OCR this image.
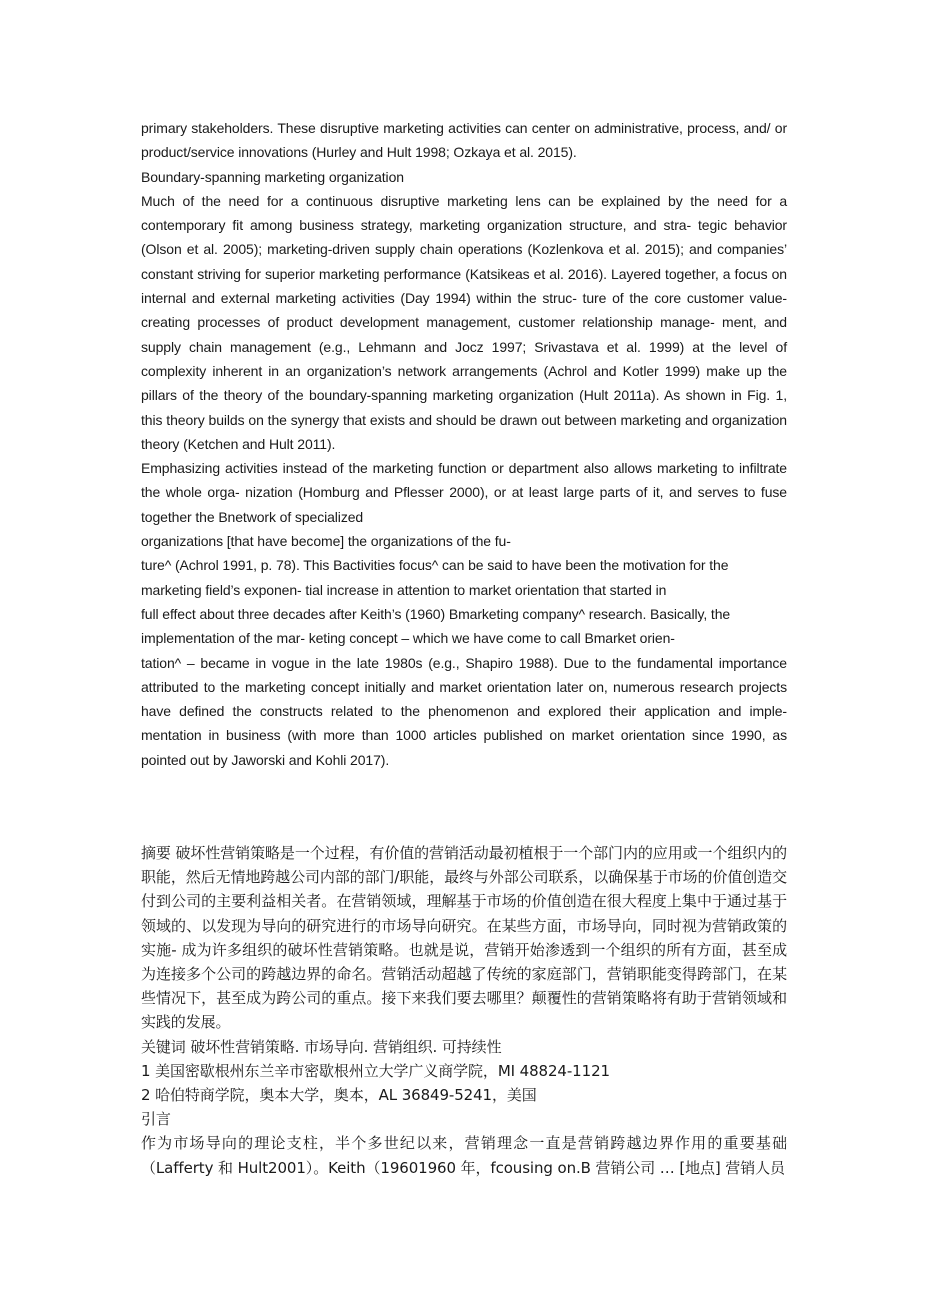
primary stakeholders. These disruptive marketing activities can center on administrative, process, and/ or product/service innovations (Hurley and Hult 1998; Ozkaya et al. 2015).

Boundary-spanning marketing organization

Much of the need for a continuous disruptive marketing lens can be explained by the need for a contemporary fit among business strategy, marketing organization structure, and stra- tegic behavior (Olson et al. 2005); marketing-driven supply chain operations (Kozlenkova et al. 2015); and companies’ constant striving for superior marketing performance (Katsikeas et al. 2016). Layered together, a focus on internal and external marketing activities (Day 1994) within the struc- ture of the core customer value-creating processes of product development management, customer relationship manage- ment, and supply chain management (e.g., Lehmann and Jocz 1997; Srivastava et al. 1999) at the level of complexity inherent in an organization’s network arrangements (Achrol and Kotler 1999) make up the pillars of the theory of the boundary-spanning marketing organization (Hult 2011a). As shown in Fig. 1, this theory builds on the synergy that exists and should be drawn out between marketing and organization theory (Ketchen and Hult 2011).

Emphasizing activities instead of the marketing function or department also allows marketing to infiltrate the whole orga- nization (Homburg and Pflesser 2000), or at least large parts of it, and serves to fuse together the Bnetwork of specialized

organizations [that have become] the organizations of the fu-

ture^ (Achrol 1991, p. 78). This Bactivities focus^ can be said to have been the motivation for the marketing field’s exponen- tial increase in attention to market orientation that started in

full effect about three decades after Keith’s (1960) Bmarketing company^ research. Basically, the implementation of the mar- keting concept – which we have come to call Bmarket orien-

tation^ – became in vogue in the late 1980s (e.g., Shapiro 1988). Due to the fundamental importance attributed to the marketing concept initially and market orientation later on, numerous research projects have defined the constructs related to the phenomenon and explored their application and imple- mentation in business (with more than 1000 articles published on market orientation since 1990, as pointed out by Jaworski and Kohli 2017).

摘要 破坏性营销策略是一个过程，有价值的营销活动最初植根于一个部门内的应用或一个组织内的职能，然后无情地跨越公司内部的部门/职能，最终与外部公司联系，以确保基于市场的价值创造交付到公司的主要利益相关者。在营销领域，理解基于市场的价值创造在很大程度上集中于通过基于领域的、以发现为导向的研究进行的市场导向研究。在某些方面，市场导向，同时视为营销政策的实施- 成为许多组织的破坏性营销策略。也就是说，营销开始渗透到一个组织的所有方面，甚至成为连接多个公司的跨越边界的命名。营销活动超越了传统的家庭部门，营销职能变得跨部门，在某些情况下，甚至成为跨公司的重点。接下来我们要去哪里？颠覆性的营销策略将有助于营销领域和实践的发展。

关键词 破坏性营销策略. 市场导向. 营销组织. 可持续性

1 美国密歇根州东兰辛市密歇根州立大学广义商学院，MI 48824-1121

2 哈伯特商学院，奥本大学，奥本，AL 36849-5241，美国

引言

作为市场导向的理论支柱，半个多世纪以来，营销理念一直是营销跨越边界作用的重要基础（Lafferty 和 Hult2001）。Keith（19601960 年，fcousing on.B 营销公司 … [地点] 营销人员
